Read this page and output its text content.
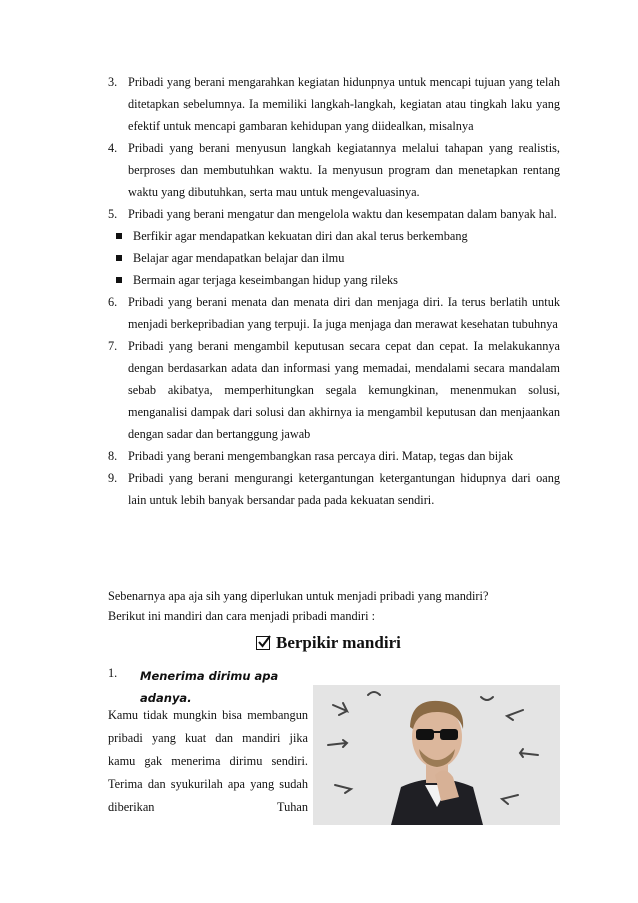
3. Pribadi yang berani mengarahkan kegiatan hidunpnya untuk mencapi tujuan yang telah ditetapkan sebelumnya. Ia memiliki langkah-langkah, kegiatan atau tingkah laku yang efektif untuk mencapi gambaran kehidupan yang diidealkan, misalnya
4. Pribadi yang berani menyusun langkah kegiatannya melalui tahapan yang realistis, berproses dan membutuhkan waktu. Ia menyusun program dan menetapkan rentang waktu yang dibutuhkan, serta mau untuk mengevaluasinya.
5. Pribadi yang berani mengatur dan mengelola waktu dan kesempatan dalam banyak hal.
Berfikir agar mendapatkan kekuatan diri dan akal terus berkembang
Belajar agar mendapatkan belajar dan ilmu
Bermain agar terjaga keseimbangan hidup yang rileks
6. Pribadi yang berani menata dan menata diri dan menjaga diri. Ia terus berlatih untuk menjadi berkepribadian yang terpuji. Ia juga menjaga dan merawat kesehatan tubuhnya
7. Pribadi yang berani mengambil keputusan secara cepat dan cepat. Ia melakukannya dengan berdasarkan adata dan informasi yang memadai, mendalami secara mandalam sebab akibatya, memperhitungkan segala kemungkinan, menenmukan solusi, menganalisi dampak dari solusi dan akhirnya ia mengambil keputusan dan menjaankan dengan sadar dan bertanggung jawab
8. Pribadi yang berani mengembangkan rasa percaya diri. Matap, tegas dan bijak
9. Pribadi yang berani mengurangi ketergantungan ketergantungan hidupnya dari oang lain untuk lebih banyak bersandar pada pada kekuatan sendiri.
Sebenarnya apa aja sih yang diperlukan untuk menjadi pribadi yang mandiri?
Berikut ini mandiri dan cara menjadi pribadi mandiri :
Berpikir mandiri
1. Menerima dirimu apa adanya.
Kamu tidak mungkin bisa membangun pribadi yang kuat dan mandiri jika kamu gak menerima dirimu sendiri. Terima dan syukurilah apa yang sudah diberikan Tuhan
